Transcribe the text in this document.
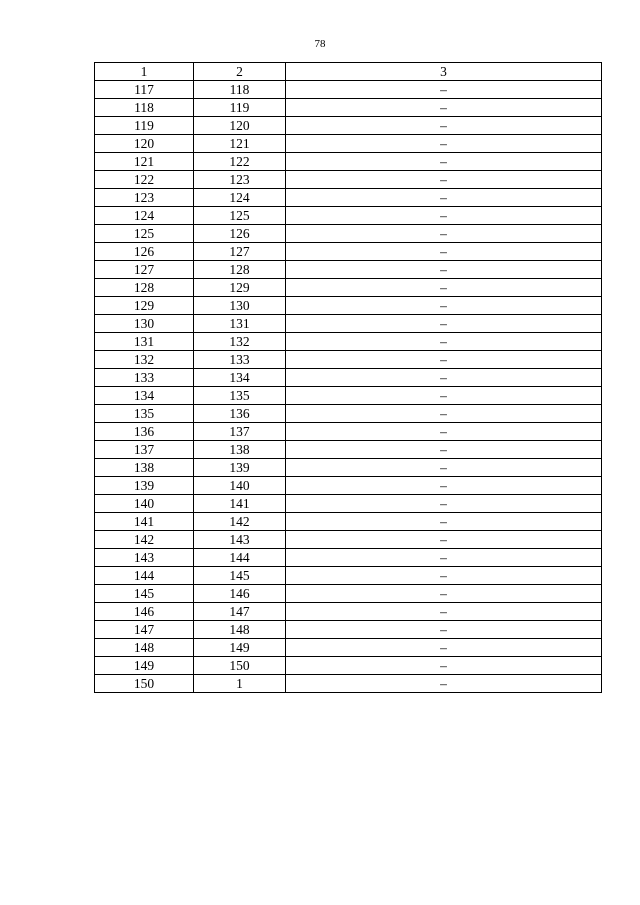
78
1	2	3
117	118	–
118	119	–
119	120	–
120	121	–
121	122	–
122	123	–
123	124	–
124	125	–
125	126	–
126	127	–
127	128	–
128	129	–
129	130	–
130	131	–
131	132	–
132	133	–
133	134	–
134	135	–
135	136	–
136	137	–
137	138	–
138	139	–
139	140	–
140	141	–
141	142	–
142	143	–
143	144	–
144	145	–
145	146	–
146	147	–
147	148	–
148	149	–
149	150	–
150	1	–
